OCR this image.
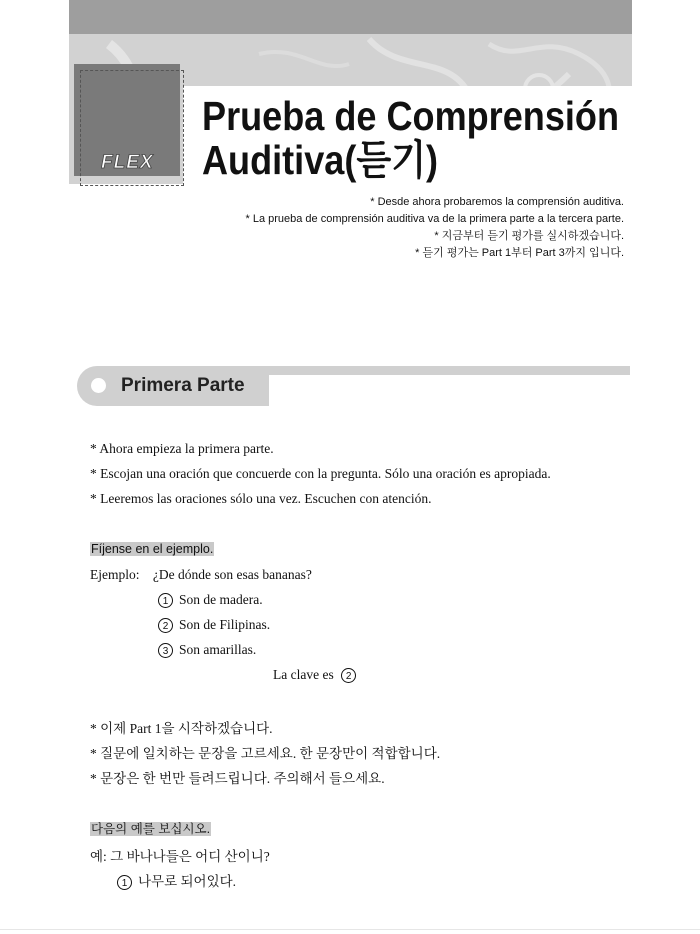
FLEX
Prueba de Comprensión
Auditiva(듣기)
* Desde ahora probaremos la comprensión auditiva.
* La prueba de comprensión auditiva va de la primera parte a la tercera parte.
* 지금부터 듣기 평가를 실시하겠습니다.
* 듣기 평가는 Part 1부터 Part 3까지 입니다.
Primera Parte
* Ahora empieza la primera parte.
* Escojan una oración que concuerde con la pregunta. Sólo una oración es apropiada.
* Leeremos las oraciones sólo una vez. Escuchen con atención.
Fíjense en el ejemplo.
Ejemplo: ¿De dónde son esas bananas?
1 Son de madera.
2 Son de Filipinas.
3 Son amarillas.
La clave es 2
* 이제 Part 1을 시작하겠습니다.
* 질문에 일치하는 문장을 고르세요. 한 문장만이 적합합니다.
* 문장은 한 번만 들려드립니다. 주의해서 들으세요.
다음의 예를 보십시오.
예: 그 바나나들은 어디 산이니?
1 나무로 되어있다.
